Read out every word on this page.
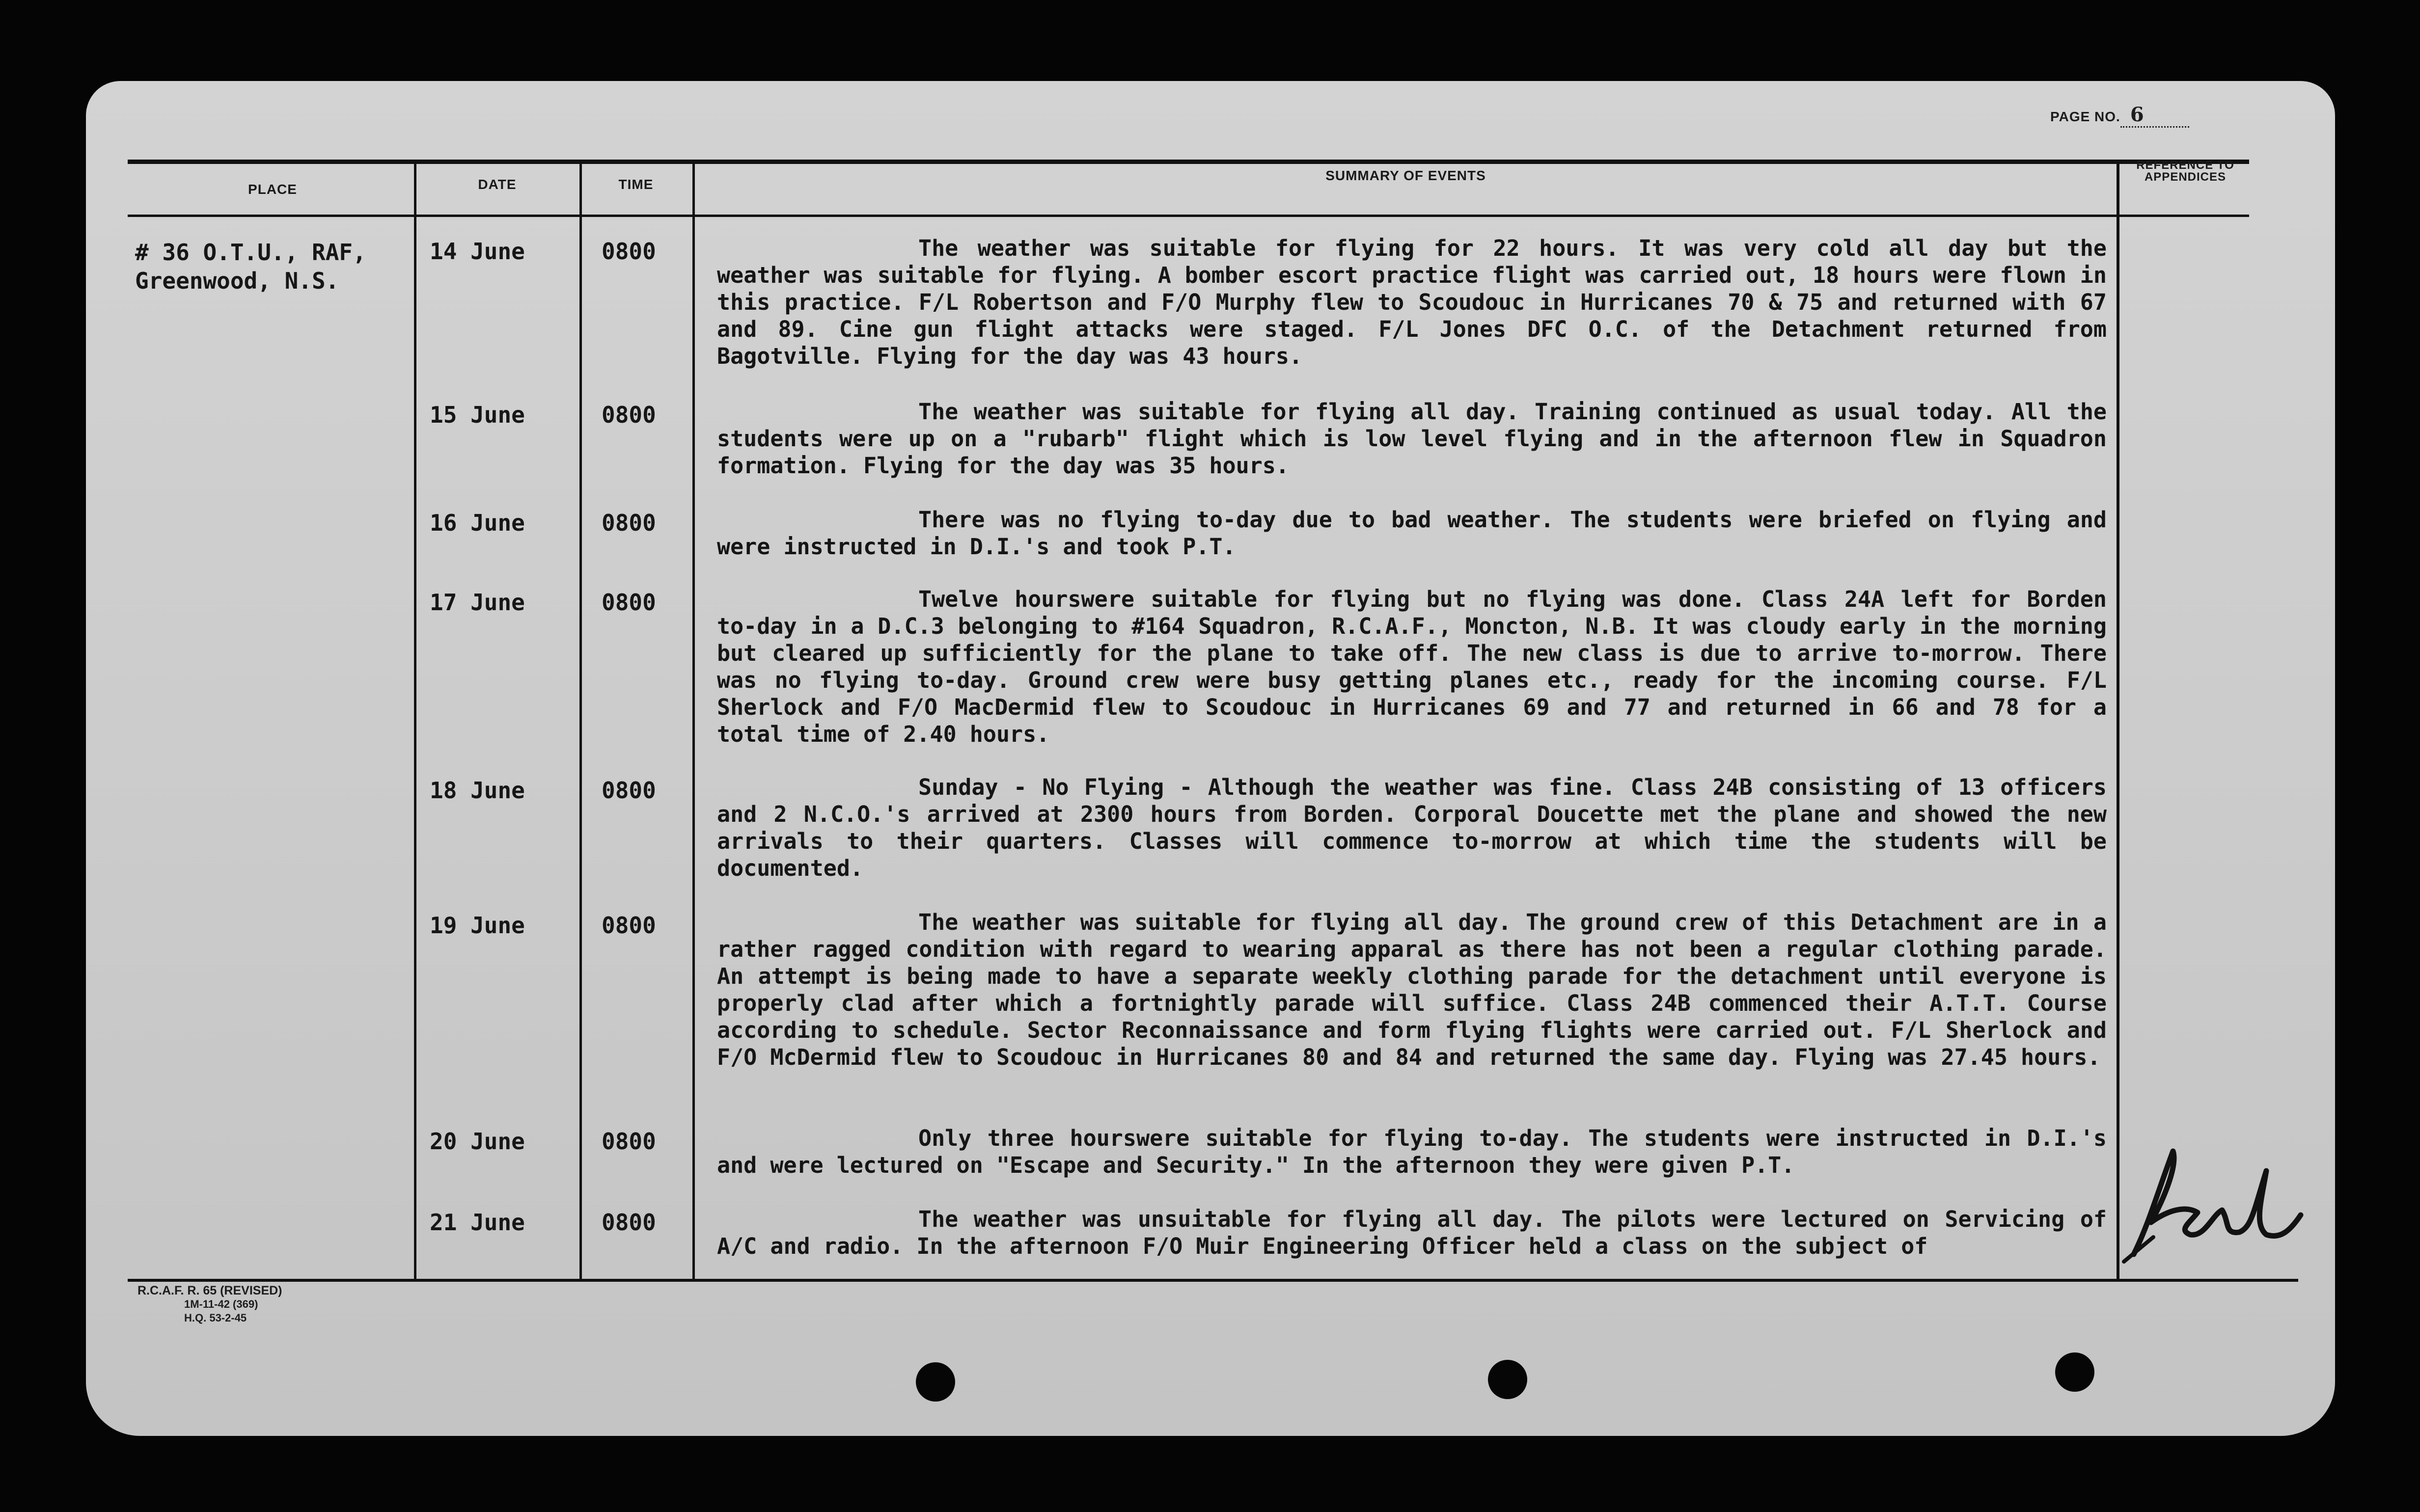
PAGE NO. 6
PLACE	DATE	TIME
SUMMARY OF EVENTS
REFERENCE TO
APPENDICES
# 36 O.T.U., RAF,
Greenwood, N.S.
14 June	0800	The weather was suitable for flying for 22 hours. It was very cold all day but the weather was suitable for flying. A bomber escort practice flight was carried out, 18 hours were flown in this practice. F/L Robertson and F/O Murphy flew to Scoudouc in Hurricanes 70 & 75 and returned with 67 and 89. Cine gun flight attacks were staged. F/L Jones DFC O.C. of the Detachment returned from Bagotville. Flying for the day was 43 hours.
15 June	0800	The weather was suitable for flying all day. Training continued as usual today. All the students were up on a "rubarb" flight which is low level flying and in the afternoon flew in Squadron formation. Flying for the day was 35 hours.
16 June	0800	There was no flying to-day due to bad weather. The students were briefed on flying and were instructed in D.I.'s and took P.T.
17 June	0800	Twelve hourswere suitable for flying but no flying was done. Class 24A left for Borden to-day in a D.C.3 belonging to #164 Squadron, R.C.A.F., Moncton, N.B. It was cloudy early in the morning but cleared up sufficiently for the plane to take off. The new class is due to arrive to-morrow. There was no flying to-day. Ground crew were busy getting planes etc., ready for the incoming course. F/L Sherlock and F/O MacDermid flew to Scoudouc in Hurricanes 69 and 77 and returned in 66 and 78 for a total time of 2.40 hours.
18 June	0800	Sunday - No Flying - Although the weather was fine. Class 24B consisting of 13 officers and 2 N.C.O.'s arrived at 2300 hours from Borden. Corporal Doucette met the plane and showed the new arrivals to their quarters. Classes will commence to-morrow at which time the students will be documented.
19 June	0800	The weather was suitable for flying all day. The ground crew of this Detachment are in a rather ragged condition with regard to wearing apparal as there has not been a regular clothing parade. An attempt is being made to have a separate weekly clothing parade for the detachment until everyone is properly clad after which a fortnightly parade will suffice. Class 24B commenced their A.T.T. Course according to schedule. Sector Reconnaissance and form flying flights were carried out. F/L Sherlock and F/O McDermid flew to Scoudouc in Hurricanes 80 and 84 and returned the same day. Flying was 27.45 hours.
20 June	0800	Only three hourswere suitable for flying to-day. The students were instructed in D.I.'s and were lectured on "Escape and Security." In the afternoon they were given P.T.
21 June	0800	The weather was unsuitable for flying all day. The pilots were lectured on Servicing of A/C and radio. In the afternoon F/O Muir Engineering Officer held a class on the subject of
R.C.A.F. R. 65 (REVISED)
1M-11-42 (369)
H.Q. 53-2-45
